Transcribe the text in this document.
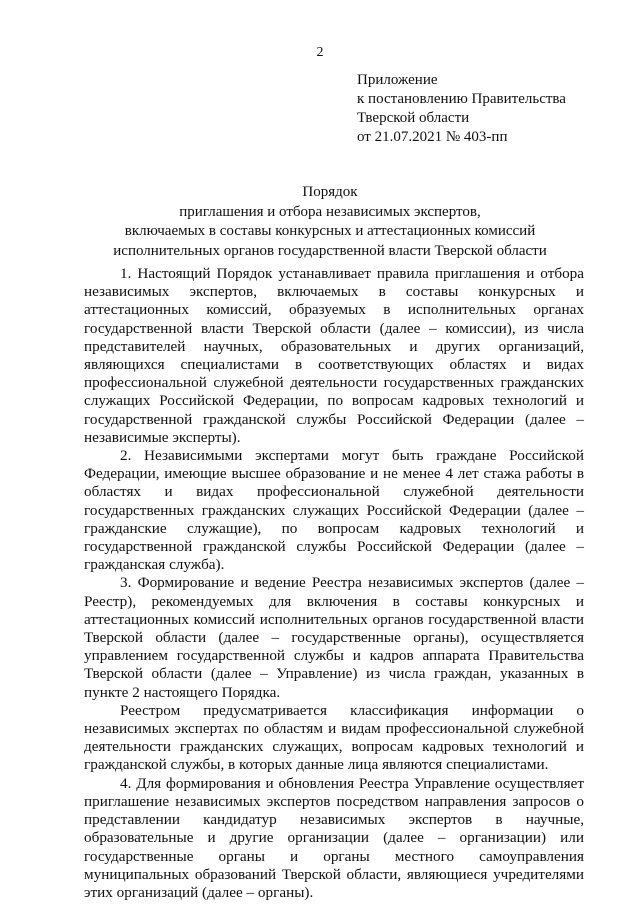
2
Приложение
к постановлению Правительства
Тверской области
от 21.07.2021 № 403-пп
Порядок
приглашения и отбора независимых экспертов,
включаемых в составы конкурсных и аттестационных комиссий
исполнительных органов государственной власти Тверской области

1. Настоящий Порядок устанавливает правила приглашения и отбора независимых экспертов, включаемых в составы конкурсных и аттестационных комиссий, образуемых в исполнительных органах государственной власти Тверской области (далее – комиссии), из числа представителей научных, образовательных и других организаций, являющихся специалистами в соответствующих областях и видах профессиональной служебной деятельности государственных гражданских служащих Российской Федерации, по вопросам кадровых технологий и государственной гражданской службы Российской Федерации (далее – независимые эксперты).

2. Независимыми экспертами могут быть граждане Российской Федерации, имеющие высшее образование и не менее 4 лет стажа работы в областях и видах профессиональной служебной деятельности государственных гражданских служащих Российской Федерации (далее – гражданские служащие), по вопросам кадровых технологий и государственной гражданской службы Российской Федерации (далее – гражданская служба).

3. Формирование и ведение Реестра независимых экспертов (далее – Реестр), рекомендуемых для включения в составы конкурсных и аттестационных комиссий исполнительных органов государственной власти Тверской области (далее – государственные органы), осуществляется управлением государственной службы и кадров аппарата Правительства Тверской области (далее – Управление) из числа граждан, указанных в пункте 2 настоящего Порядка.

Реестром предусматривается классификация информации о независимых экспертах по областям и видам профессиональной служебной деятельности гражданских служащих, вопросам кадровых технологий и гражданской службы, в которых данные лица являются специалистами.

4. Для формирования и обновления Реестра Управление осуществляет приглашение независимых экспертов посредством направления запросов о представлении кандидатур независимых экспертов в научные, образовательные и другие организации (далее – организации) или государственные органы и органы местного самоуправления муниципальных образований Тверской области, являющиеся учредителями этих организаций (далее – органы).
